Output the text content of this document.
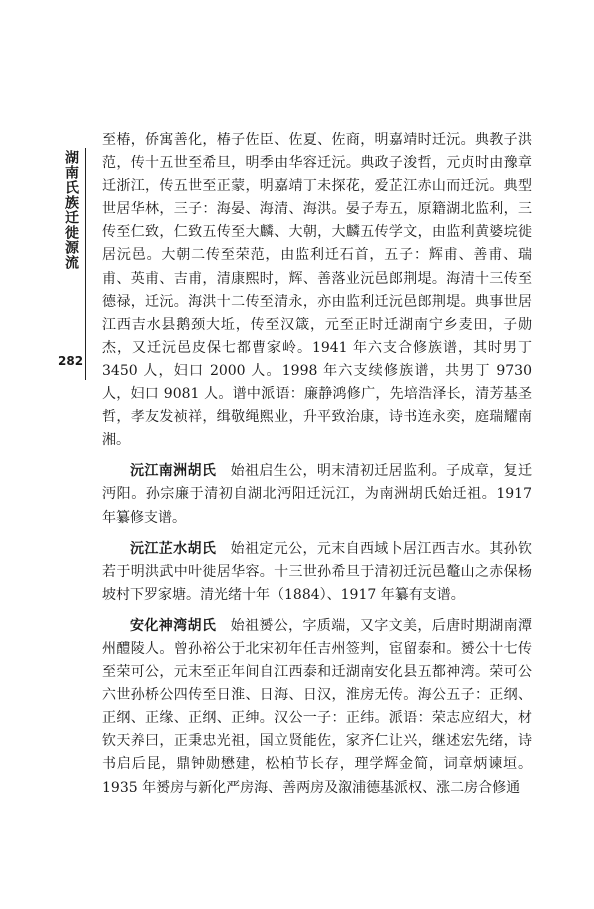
湖南氏族迁徙源流
282

至椿，侨寓善化，椿子佐臣、佐夏、佐商，明嘉靖时迁沅。典教子洪范，传十五世至希旦，明季由华容迁沅。典政子浚哲，元贞时由豫章迁浙江，传五世至正蒙，明嘉靖丁未探花，爱芷江赤山而迁沅。典型世居华林，三子：海晏、海清、海洪。晏子寿五，原籍湖北监利，三传至仁致，仁致五传至大麟、大朝，大麟五传学文，由监利黄婆垸徙居沅邑。大朝二传至荣范，由监利迁石首，五子：辉甫、善甫、瑞甫、英甫、吉甫，清康熙时，辉、善落业沅邑郎荆堤。海清十三传至德禄，迁沅。海洪十二传至清永，亦由监利迁沅邑郎荆堤。典事世居江西吉水县鹅颈大坵，传至汉箴，元至正时迁湖南宁乡麦田，子勋杰，又迁沅邑皮保七都曹家岭。1941 年六支合修族谱，其时男丁 3450 人，妇口 2000 人。1998 年六支续修族谱，共男丁 9730 人，妇口 9081 人。谱中派语：廉静鸿修广，先培浩泽长，清芳基圣哲，孝友发祯祥，缉敬绳熙业，升平致治康，诗书连永奕，庭瑞耀南湘。

沅江南洲胡氏　 始祖启生公，明末清初迁居监利。子成章，复迁沔阳。孙宗廉于清初自湖北沔阳迁沅江，为南洲胡氏始迁祖。1917 年纂修支谱。

沅江芷水胡氏　 始祖定元公，元末自西域卜居江西吉水。其孙钦若于明洪武中叶徙居华容。十三世孙希旦于清初迁沅邑鼇山之赤保杨坡村下罗家塘。清光绪十年（1884）、1917 年纂有支谱。

安化神湾胡氏　 始祖赟公，字质端，又字文美，后唐时期湖南潭州醴陵人。曾孙裕公于北宋初年任吉州签判，宦留泰和。赟公十七传至荣可公，元末至正年间自江西泰和迁湖南安化县五都神湾。荣可公六世孙桥公四传至日淮、日海、日汉，淮房无传。海公五子：正纲、正纲、正缘、正纲、正绅。汉公一子：正纬。派语：荣志应绍大，材钦天养曰，正秉忠光祖，国立贤能佐，家齐仁让兴，继述宏先绪，诗书启后昆，鼎钟勋懋建，松柏节长存，理学辉金简，词章炳谏垣。1935 年赟房与新化严房海、善两房及溆浦德基派权、涨二房合修通
